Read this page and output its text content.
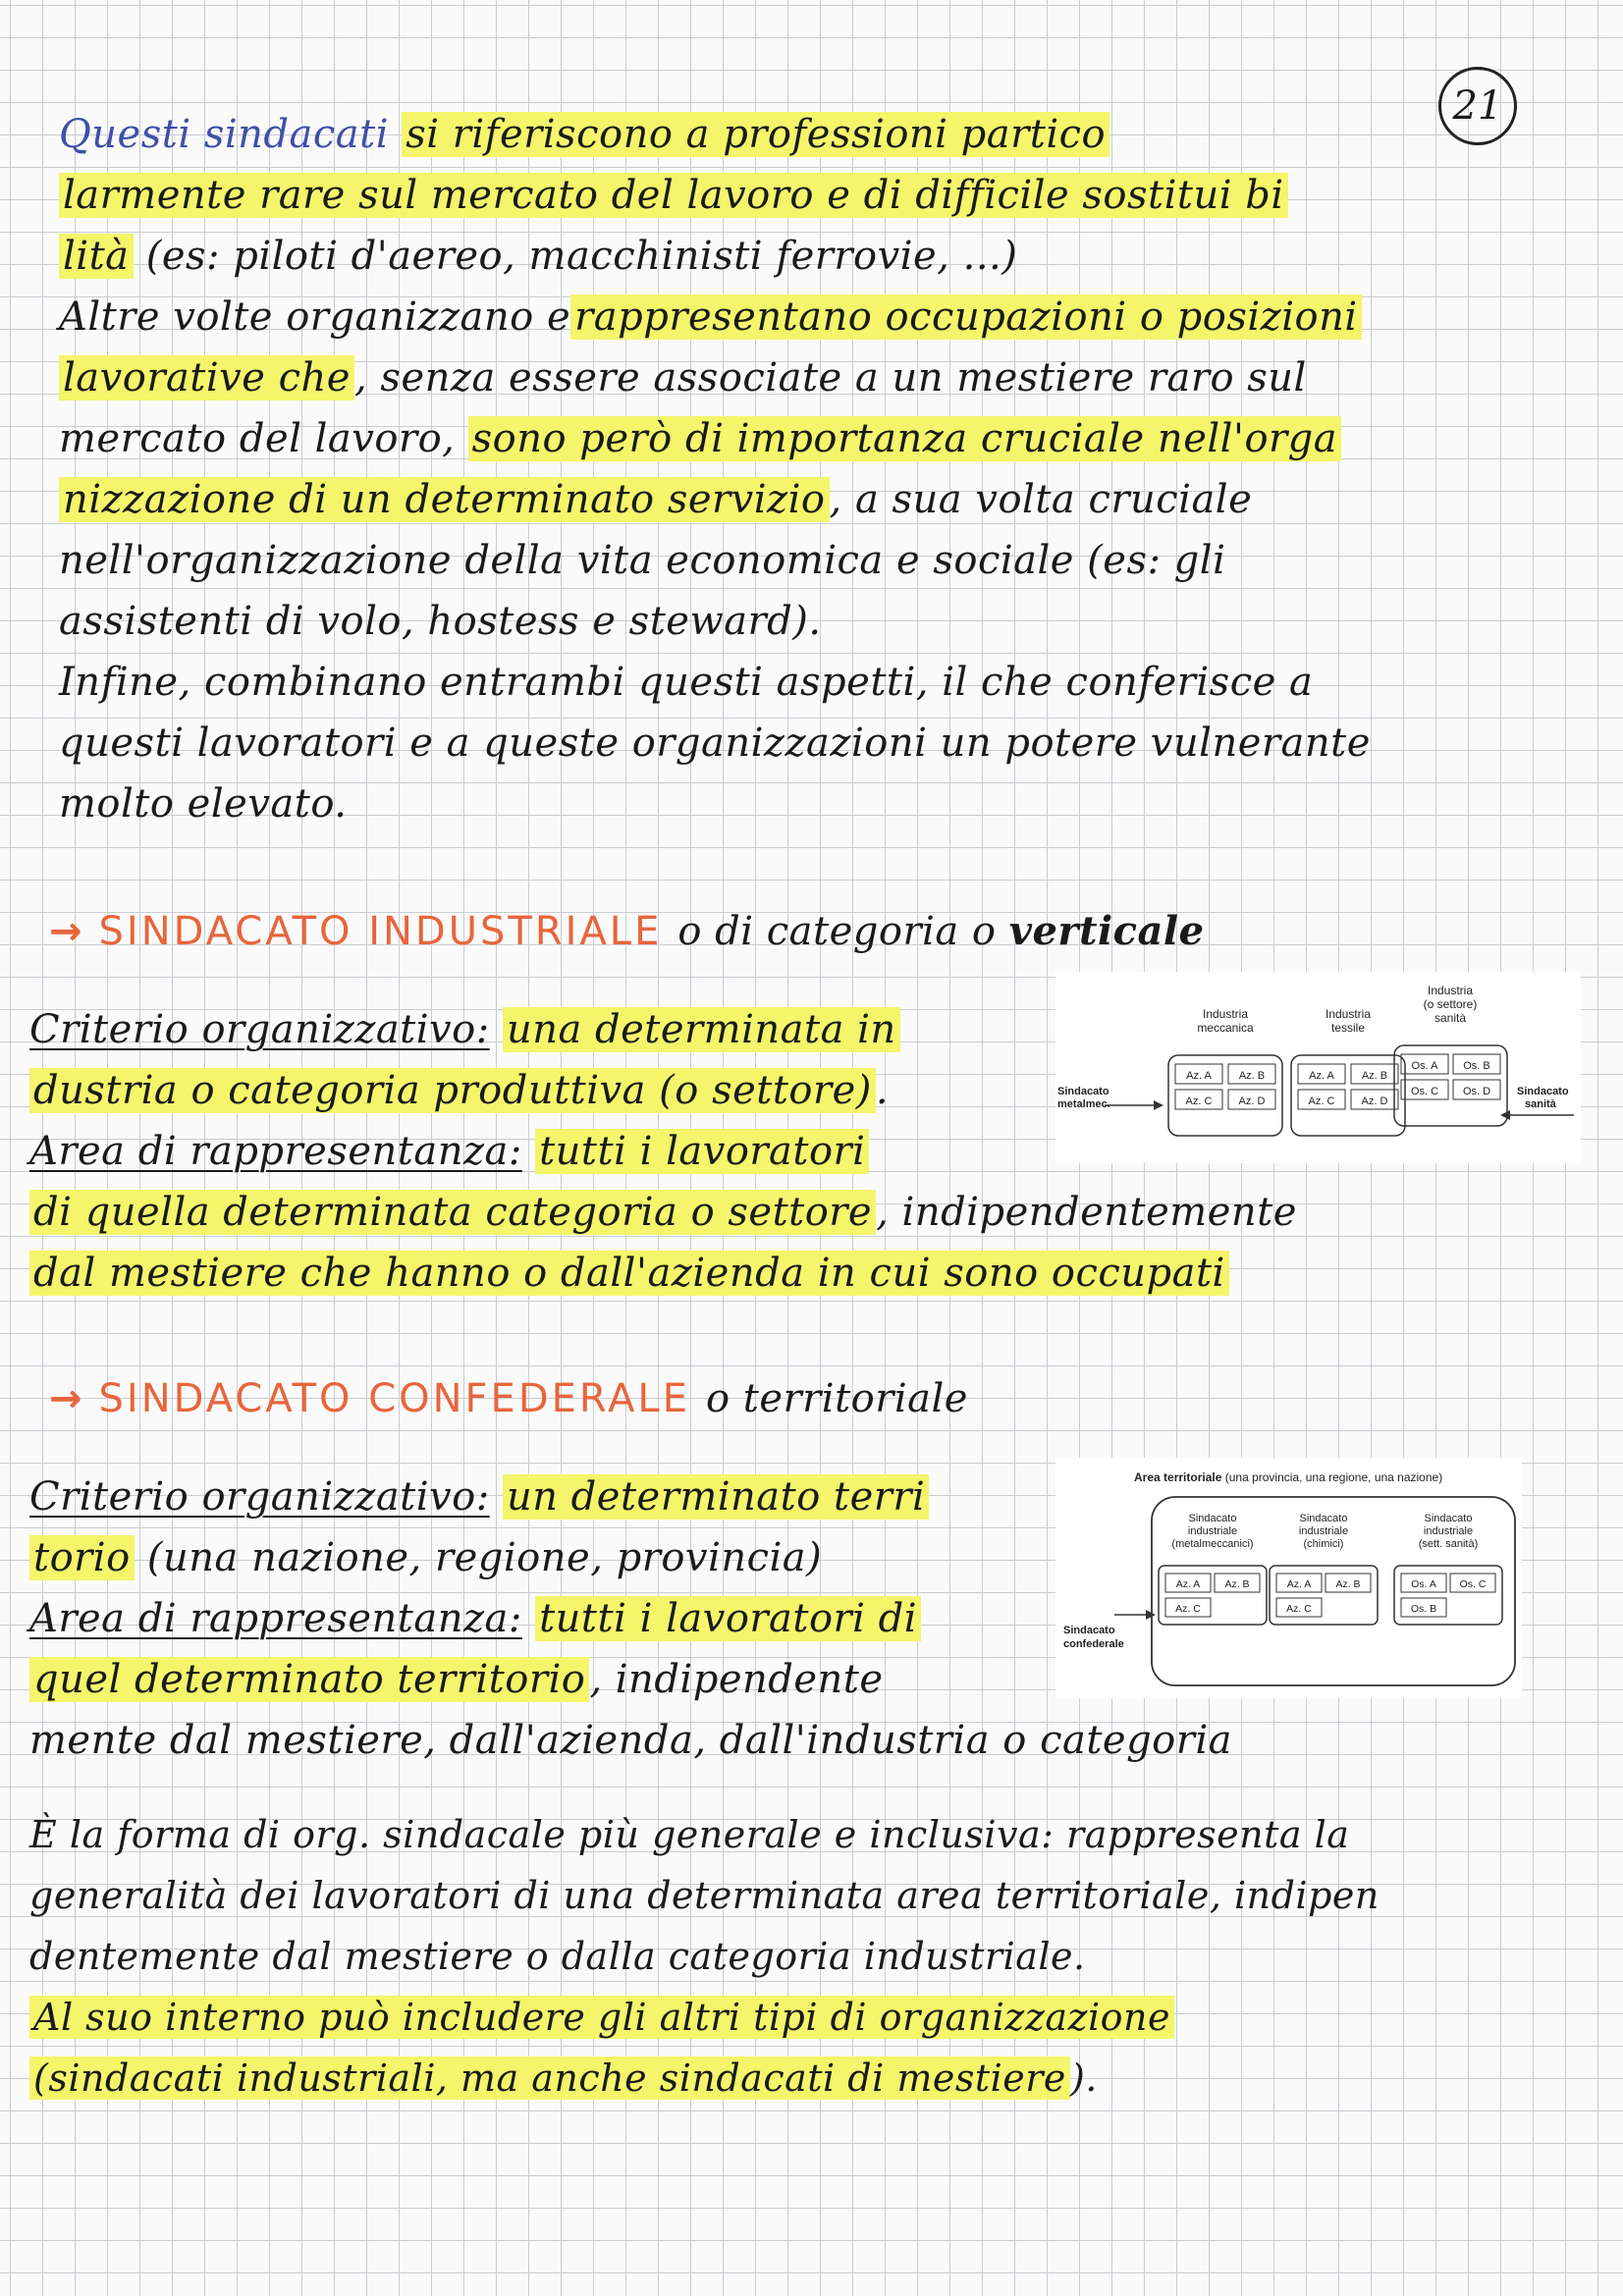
21
Questi sindacati si riferiscono a professioni partico
larmente rare sul mercato del lavoro e di difficile sostitui bi
lità (es: piloti d'aereo, macchinisti ferrovie, ...)
Altre volte organizzano e rappresentano occupazioni o posizioni
lavorative che , senza essere associate a un mestiere raro sul
mercato del lavoro, sono però di importanza cruciale nell'orga
nizzazione di un determinato servizio , a sua volta cruciale
nell'organizzazione della vita economica e sociale (es: gli
assistenti di volo, hostess e steward).
Infine, combinano entrambi questi aspetti, il che conferisce a
questi lavoratori e a queste organizzazioni un potere vulnerante
molto elevato.
→ SINDACATO INDUSTRIALE o di categoria o verticale
Criterio organizzativo: una determinata in
dustria o categoria produttiva (o settore) .
Area di rappresentanza: tutti i lavoratori
di quella determinata categoria o settore , indipendentemente
dal mestiere che hanno o dall'azienda in cui sono occupati
Sindacato
metalmec.
Sindacato
sanità
Industria
meccanica
Az. A	Az. B
Az. C Az. D
Industria
tessile
Az. A	Az. B
Az. C Az. D
Industria
(o settore)
sanità
Os. A Os. B
Os. C Os. D
→ SINDACATO CONFEDERALE o territoriale
Criterio organizzativo: un determinato terri
torio (una nazione, regione, provincia)
Area di rappresentanza: tutti i lavoratori di
quel determinato territorio , indipendente
mente dal mestiere, dall'azienda, dall'industria o categoria
Area territoriale (una provincia, una regione, una nazione)
Sindacato
confederale
Sindacato
industriale
(metalmeccanici)
Az. A Az. B
Az. C
Sindacato
industriale
(chimici)
Az. A Az. B
Az. C
Sindacato
industriale
(sett. sanità)
Os. A Os. C
Os. B
È la forma di org. sindacale più generale e inclusiva: rappresenta la
generalità dei lavoratori di una determinata area territoriale, indipen
dentemente dal mestiere o dalla categoria industriale.
Al suo interno può includere gli altri tipi di organizzazione
(sindacati industriali, ma anche sindacati di mestiere ).
